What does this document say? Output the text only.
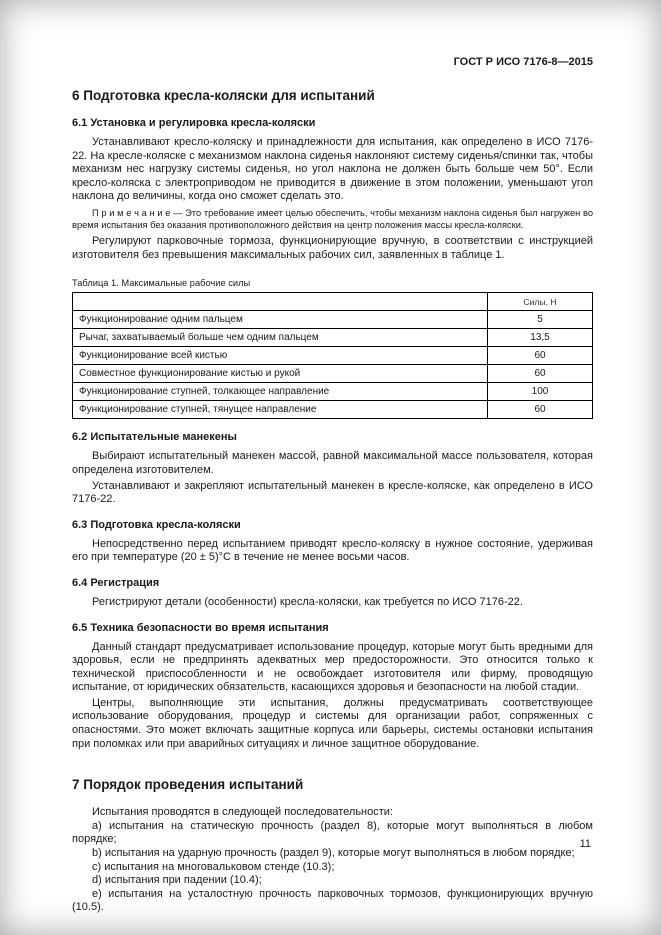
ГОСТ Р ИСО 7176-8—2015
6 Подготовка кресла-коляски для испытаний
6.1 Установка и регулировка кресла-коляски

Устанавливают кресло-коляску и принадлежности для испытания, как определено в ИСО 7176-22. На кресле-коляске с механизмом наклона сиденья наклоняют систему сиденья/спинки так, чтобы механизм нес нагрузку системы сиденья, но угол наклона не должен быть больше чем 50°. Если кресло-коляска с электроприводом не приводится в движение в этом положении, уменьшают угол наклона до величины, когда оно сможет сделать это.

П р и м е ч а н и е — Это требование имеет целью обеспечить, чтобы механизм наклона сиденья был нагружен во время испытания без оказания противоположного действия на центр положения массы кресла-коляски.

Регулируют парковочные тормоза, функционирующие вручную, в соответствии с инструкцией изготовителя без превышения максимальных рабочих сил, заявленных в таблице 1.

Таблица 1. Максимальные рабочие силы
	Силы, Н
Функционирование одним пальцем	5
Рычаг, захватываемый больше чем одним пальцем	13,5
Функционирование всей кистью	60
Совместное функционирование кистью и рукой	60
Функционирование ступней, толкающее направление	100
Функционирование ступней, тянущее направление	60
6.2 Испытательные манекены

Выбирают испытательный манекен массой, равной максимальной массе пользователя, которая определена изготовителем.

Устанавливают и закрепляют испытательный манекен в кресле-коляске, как определено в ИСО 7176-22.

6.3 Подготовка кресла-коляски

Непосредственно перед испытанием приводят кресло-коляску в нужное состояние, удерживая его при температуре (20 ± 5)°С в течение не менее восьми часов.

6.4 Регистрация

Регистрируют детали (особенности) кресла-коляски, как требуется по ИСО 7176-22.

6.5 Техника безопасности во время испытания

Данный стандарт предусматривает использование процедур, которые могут быть вредными для здоровья, если не предпринять адекватных мер предосторожности. Это относится только к технической приспособленности и не освобождает изготовителя или фирму, проводящую испытание, от юридических обязательств, касающихся здоровья и безопасности на любой стадии.

Центры, выполняющие эти испытания, должны предусматривать соответствующее использование оборудования, процедур и системы для организации работ, сопряженных с опасностями. Это может включать защитные корпуса или барьеры, системы остановки испытания при поломках или при аварийных ситуациях и личное защитное оборудование.

7 Порядок проведения испытаний

Испытания проводятся в следующей последовательности:

a) испытания на статическую прочность (раздел 8), которые могут выполняться в любом порядке;

b) испытания на ударную прочность (раздел 9), которые могут выполняться в любом порядке;

c) испытания на многовальковом стенде (10.3);

d) испытания при падении (10.4);

e) испытания на усталостную прочность парковочных тормозов, функционирующих вручную (10.5).

11
